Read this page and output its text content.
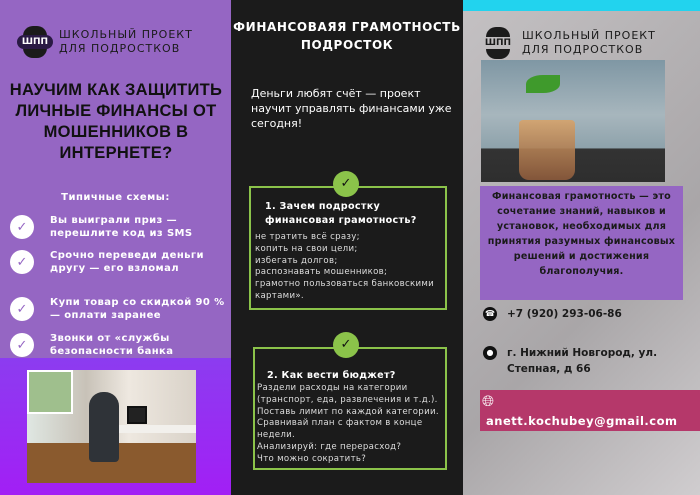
ШПП
ШКОЛЬНЫЙ ПРОЕКТ
ДЛЯ ПОДРОСТКОВ
НАУЧИМ КАК ЗАЩИТИТЬ ЛИЧНЫЕ ФИНАНСЫ ОТ МОШЕННИКОВ В ИНТЕРНЕТЕ?
Типичные схемы:
✓	Вы выиграли приз — перешлите код из SMS
✓	Срочно переведи деньги другу — его взломал
✓	Купи товар со скидкой 90 % — оплати заранее
✓	Звонки от «службы безопасности банка
ФИНАНСОВАЯЯ ГРАМОТНОСТЬ ПОДРОСТОК
Деньги любят счёт — проект научит управлять финансами уже сегодня!
1. Зачем подростку финансовая грамотность?
не тратить всё сразу;
копить на свои цели;
избегать долгов;
распознавать мошенников;
грамотно пользоваться банковскими картами».
✓
2. Как вести бюджет?
Раздели расходы на категории (транспорт, еда, развлечения и т.д.).
Поставь лимит по каждой категории.
Сравнивай план с фактом в конце недели.
Анализируй: где перерасход?
Что можно сократить?
✓
ШПП
ШКОЛЬНЫЙ ПРОЕКТ
ДЛЯ ПОДРОСТКОВ
Финансовая грамотность — это сочетание знаний, навыков и установок, необходимых для принятия разумных финансовых решений и достижения благополучия.
☎ +7 (920) 293-06-86
●	г. Нижний Новгород, ул. Степная, д 66
🌐︎
anett.kochubey@gmail.com
